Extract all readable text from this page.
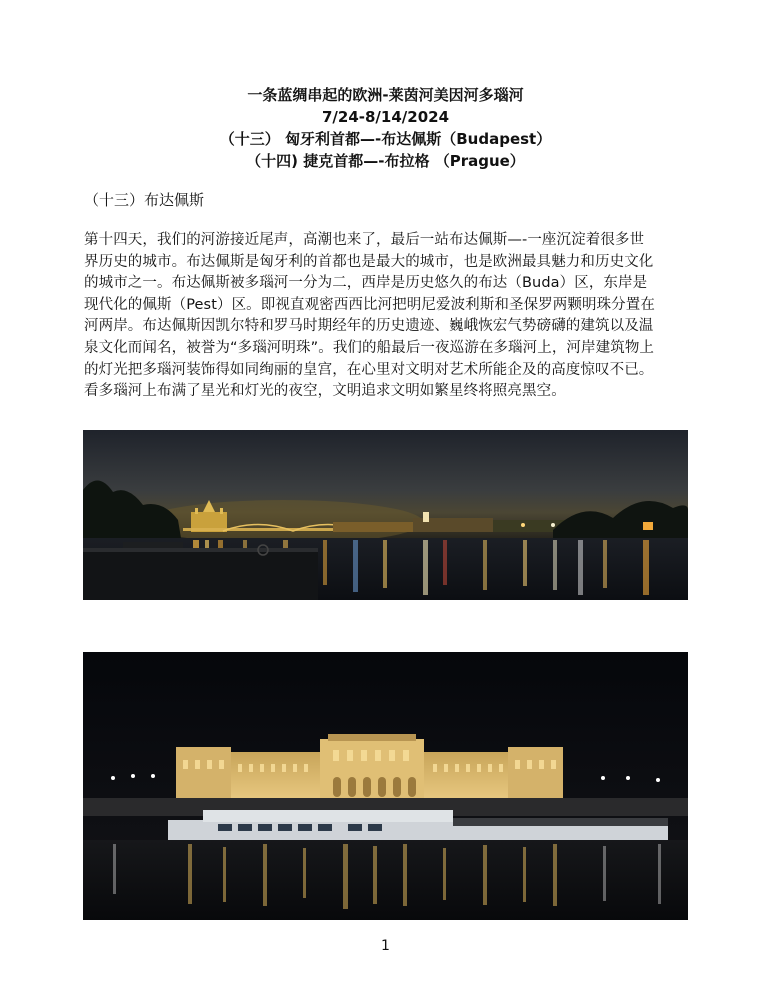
一条蓝绸串起的欧洲-莱茵河美因河多瑙河
7/24-8/14/2024
（十三） 匈牙利首都—-布达佩斯（Budapest）
（十四) 捷克首都—-布拉格 （Prague）
（十三）布达佩斯
第十四天，我们的河游接近尾声，高潮也来了，最后一站布达佩斯—-一座沉淀着很多世
界历史的城市。布达佩斯是匈牙利的首都也是最大的城市，也是欧洲最具魅力和历史文化
的城市之一。布达佩斯被多瑙河一分为二，西岸是历史悠久的布达（Buda）区，东岸是
现代化的佩斯（Pest）区。即视直观密西西比河把明尼爱波利斯和圣保罗两颗明珠分置在
河两岸。布达佩斯因凯尔特和罗马时期经年的历史遗迹、巍峨恢宏气势磅礴的建筑以及温
泉文化而闻名，被誉为“多瑙河明珠”。我们的船最后一夜巡游在多瑙河上，河岸建筑物上
的灯光把多瑙河装饰得如同绚丽的皇宫，在心里对文明对艺术所能企及的高度惊叹不已。
看多瑙河上布满了星光和灯光的夜空，文明追求文明如繁星终将照亮黑空。
1
